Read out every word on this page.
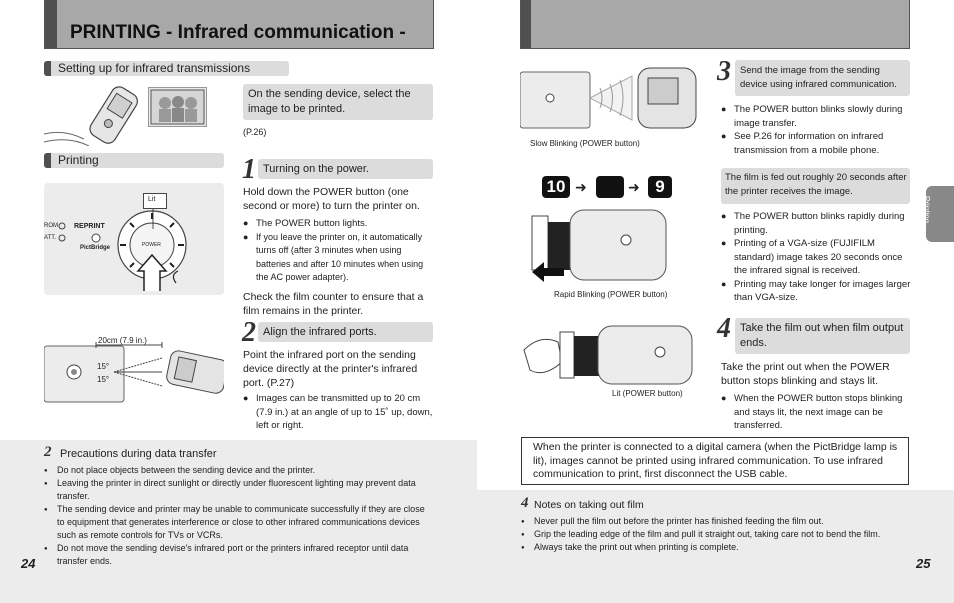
PRINTING - Infrared communication -
Setting up for infrared transmissions
On the sending device, select the image to be printed.
(P.26)
Printing
Lit
ROM
ATT.
REPRINT
PictBridge	POWER
1 Turning on the power.
Hold down the POWER button (one second or more) to turn the printer on.
● The POWER button lights.
● If you leave the printer on, it automatically turns off (after 3 minutes when using batteries and after 10 minutes when using the AC power adapter).
Check the film counter to ensure that a film remains in the printer.
20cm (7.9 in.)
15°
15°
2 Align the infrared ports.
Point the infrared port on the sending device directly at the printer's infrared port. (P.27)
● Images can be transmitted up to 20 cm (7.9 in.) at an angle of up to 15˚ up, down, left or right.
2 Precautions during data transfer
● Do not place objects between the sending device and the printer.
● Leaving the printer in direct sunlight or directly under fluorescent lighting may prevent data transfer.
● The sending device and printer may be unable to communicate successfully if they are close to equipment that generates interference or close to other infrared communications devices such as remote controls for TVs or VCRs.
● Do not move the sending devise's infrared port or the printers infrared receptor until data transfer ends.
24
Slow Blinking (POWER button)
3 Send the image from the sending device using infrared communication.
● The POWER button blinks slowly during image transfer.
● See P.26 for information on infrared transmission from a mobile phone.
10 ➜	➜ 9
Rapid Blinking (POWER button)
The film is fed out roughly 20 seconds after the printer receives the image.
● The POWER button blinks rapidly during printing.
● Printing of a VGA-size (FUJIFILM standard) image takes 20 seconds once the infrared signal is received.
● Printing may take longer for images larger than VGA-size.
Printing
Lit (POWER button)
4 Take the film out when film output ends.
Take the print out when the POWER button stops blinking and stays lit.
● When the POWER button stops blinking and stays lit, the next image can be transferred.
When the printer is connected to a digital camera (when the PictBridge lamp is lit), images cannot be printed using infrared communication. To use infrared communication to print, first disconnect the USB cable.
4 Notes on taking out film
● Never pull the film out before the printer has finished feeding the film out.
● Grip the leading edge of the film and pull it straight out, taking care not to bend the film.
● Always take the print out when printing is complete.
25
